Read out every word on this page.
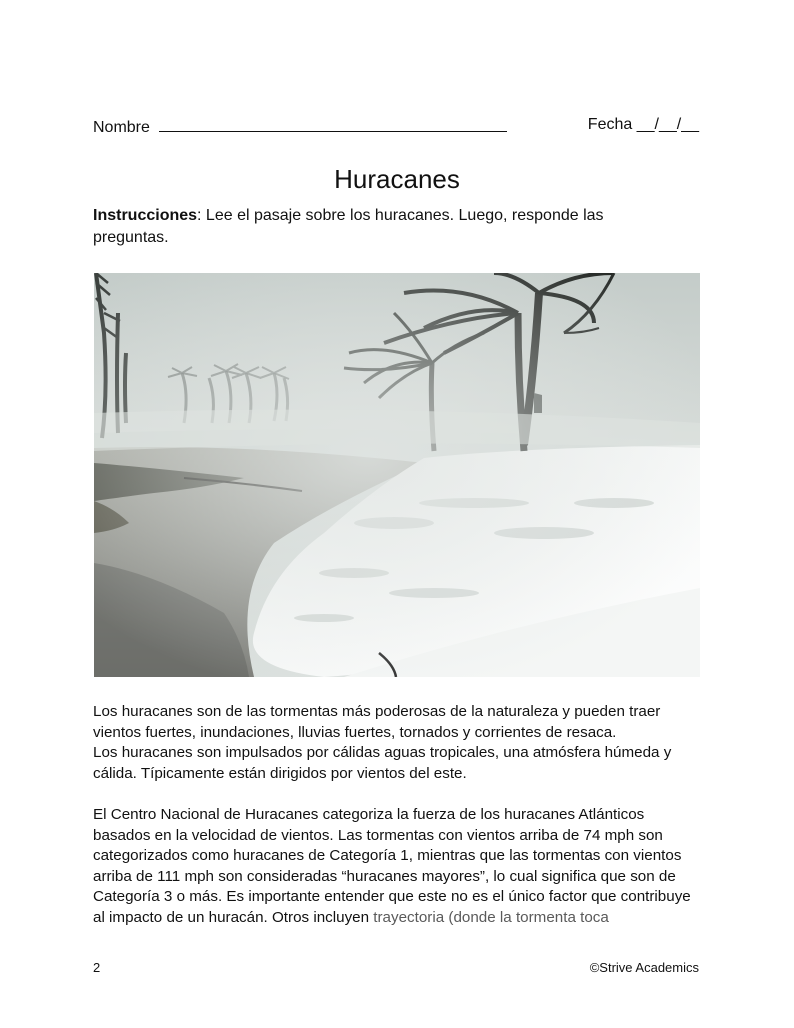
Nombre	Fecha __/__/__
Huracanes

Instrucciones: Lee el pasaje sobre los huracanes. Luego, responde las preguntas.

Los huracanes son de las tormentas más poderosas de la naturaleza y pueden traer vientos fuertes, inundaciones, lluvias fuertes, tornados y corrientes de resaca.
Los huracanes son impulsados por cálidas aguas tropicales, una atmósfera húmeda y cálida. Típicamente están dirigidos por vientos del este.

El Centro Nacional de Huracanes categoriza la fuerza de los huracanes Atlánticos basados en la velocidad de vientos. Las tormentas con vientos arriba de 74 mph son categorizados como huracanes de Categoría 1, mientras que las tormentas con vientos arriba de 111 mph son consideradas “huracanes mayores”, lo cual significa que son de Categoría 3 o más. Es importante entender que este no es el único factor que contribuye al impacto de un huracán. Otros incluyen trayectoria (donde la tormenta toca

2	©Strive Academics
